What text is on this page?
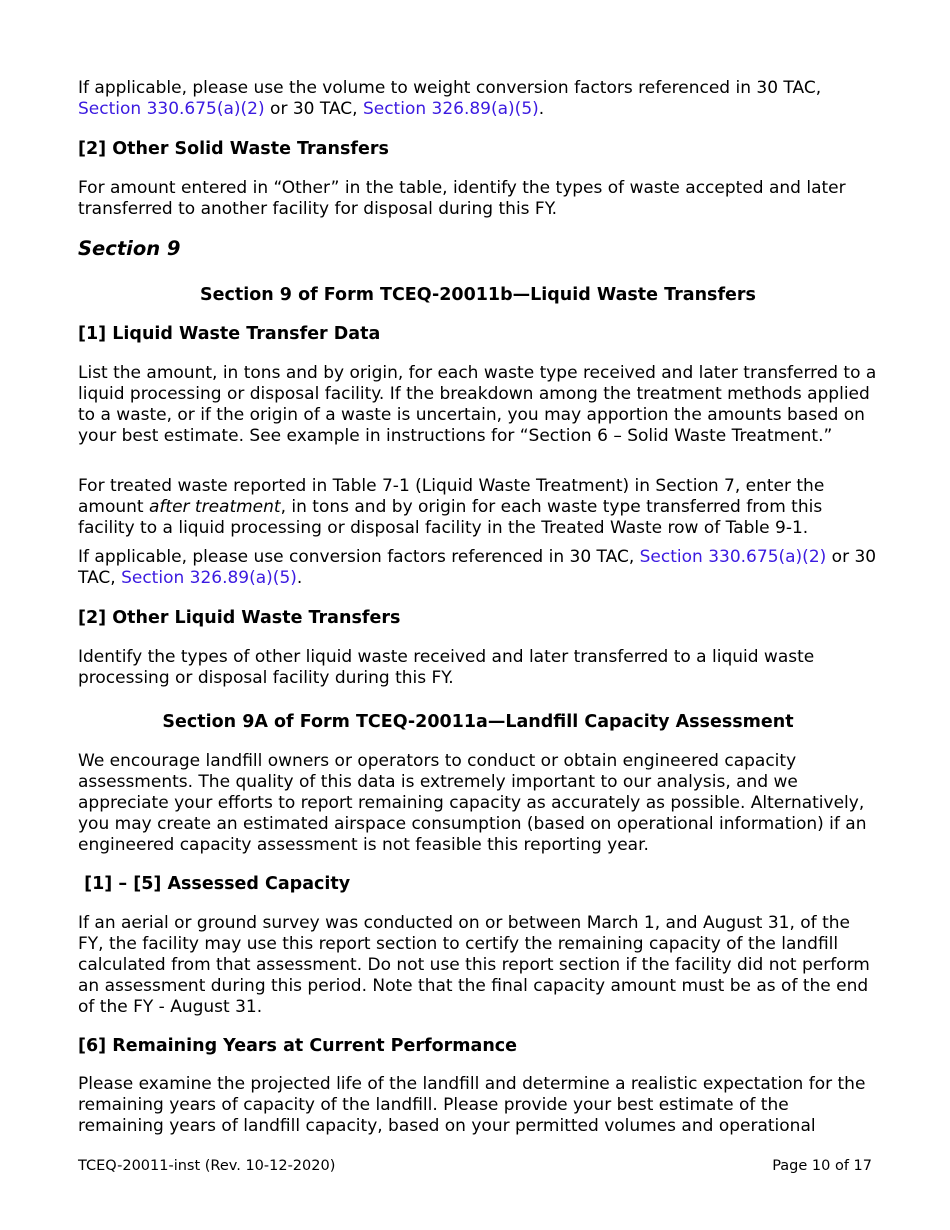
If applicable, please use the volume to weight conversion factors referenced in 30 TAC, Section 330.675(a)(2) or 30 TAC, Section 326.89(a)(5).

[2] Other Solid Waste Transfers

For amount entered in “Other” in the table, identify the types of waste accepted and later transferred to another facility for disposal during this FY.

Section 9
Section 9 of Form TCEQ-20011b—Liquid Waste Transfers
[1] Liquid Waste Transfer Data

List the amount, in tons and by origin, for each waste type received and later transferred to a liquid processing or disposal facility. If the breakdown among the treatment methods applied to a waste, or if the origin of a waste is uncertain, you may apportion the amounts based on your best estimate. See example in instructions for “Section 6 – Solid Waste Treatment.”

For treated waste reported in Table 7-1 (Liquid Waste Treatment) in Section 7, enter the amount after treatment, in tons and by origin for each waste type transferred from this facility to a liquid processing or disposal facility in the Treated Waste row of Table 9-1.

If applicable, please use conversion factors referenced in 30 TAC, Section 330.675(a)(2) or 30 TAC, Section 326.89(a)(5).

[2] Other Liquid Waste Transfers

Identify the types of other liquid waste received and later transferred to a liquid waste processing or disposal facility during this FY.

Section 9A of Form TCEQ-20011a—Landfill Capacity Assessment

We encourage landfill owners or operators to conduct or obtain engineered capacity assessments. The quality of this data is extremely important to our analysis, and we appreciate your efforts to report remaining capacity as accurately as possible. Alternatively, you may create an estimated airspace consumption (based on operational information) if an engineered capacity assessment is not feasible this reporting year.

[1] – [5] Assessed Capacity

If an aerial or ground survey was conducted on or between March 1, and August 31, of the FY, the facility may use this report section to certify the remaining capacity of the landfill calculated from that assessment. Do not use this report section if the facility did not perform an assessment during this period. Note that the final capacity amount must be as of the end of the FY - August 31.

[6] Remaining Years at Current Performance

Please examine the projected life of the landfill and determine a realistic expectation for the remaining years of capacity of the landfill. Please provide your best estimate of the remaining years of landfill capacity, based on your permitted volumes and operational

TCEQ-20011-inst (Rev. 10-12-2020)	Page 10 of 17
